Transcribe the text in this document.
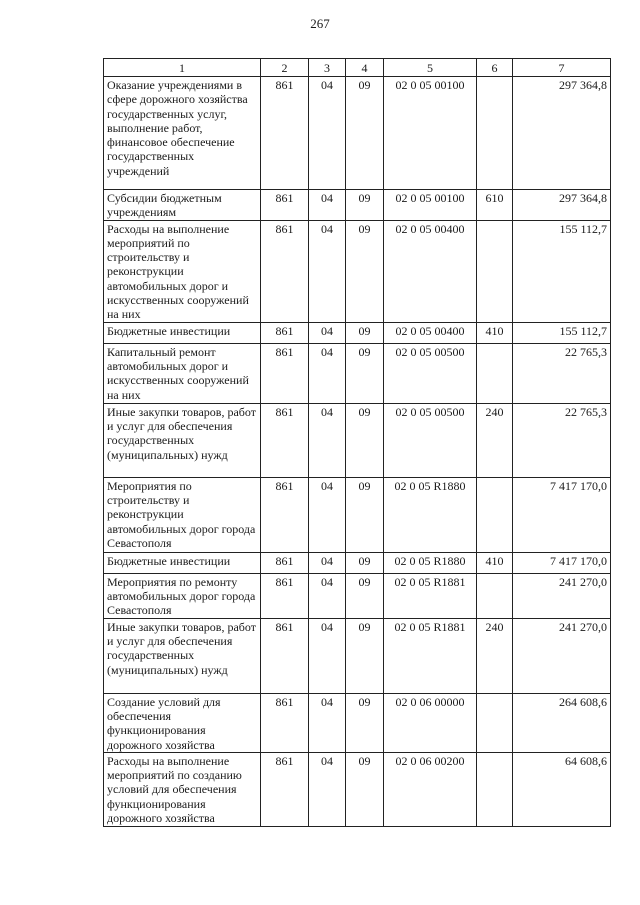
267
1	2	3	4	5	6	7
Оказание учреждениями в сфере дорожного хозяйства государственных услуг, выполнение работ, финансовое обеспечение государственных учреждений	861	04	09	02 0 05 00100		297 364,8
Субсидии бюджетным учреждениям	861	04	09	02 0 05 00100	610	297 364,8
Расходы на выполнение мероприятий по строительству и реконструкции автомобильных дорог и искусственных сооружений на них	861	04	09	02 0 05 00400		155 112,7
Бюджетные инвестиции	861	04	09	02 0 05 00400	410	155 112,7
Капитальный ремонт автомобильных дорог и искусственных сооружений на них	861	04	09	02 0 05 00500		22 765,3
Иные закупки товаров, работ и услуг для обеспечения государственных (муниципальных) нужд	861	04	09	02 0 05 00500	240	22 765,3
Мероприятия по строительству и реконструкции автомобильных дорог города Севастополя	861	04	09	02 0 05 R1880		7 417 170,0
Бюджетные инвестиции	861	04	09	02 0 05 R1880	410	7 417 170,0
Мероприятия по ремонту автомобильных дорог города Севастополя	861	04	09	02 0 05 R1881		241 270,0
Иные закупки товаров, работ и услуг для обеспечения государственных (муниципальных) нужд	861	04	09	02 0 05 R1881	240	241 270,0
Создание условий для обеспечения функционирования дорожного хозяйства	861	04	09	02 0 06 00000		264 608,6
Расходы на выполнение мероприятий по созданию условий для обеспечения функционирования дорожного хозяйства	861	04	09	02 0 06 00200		64 608,6
